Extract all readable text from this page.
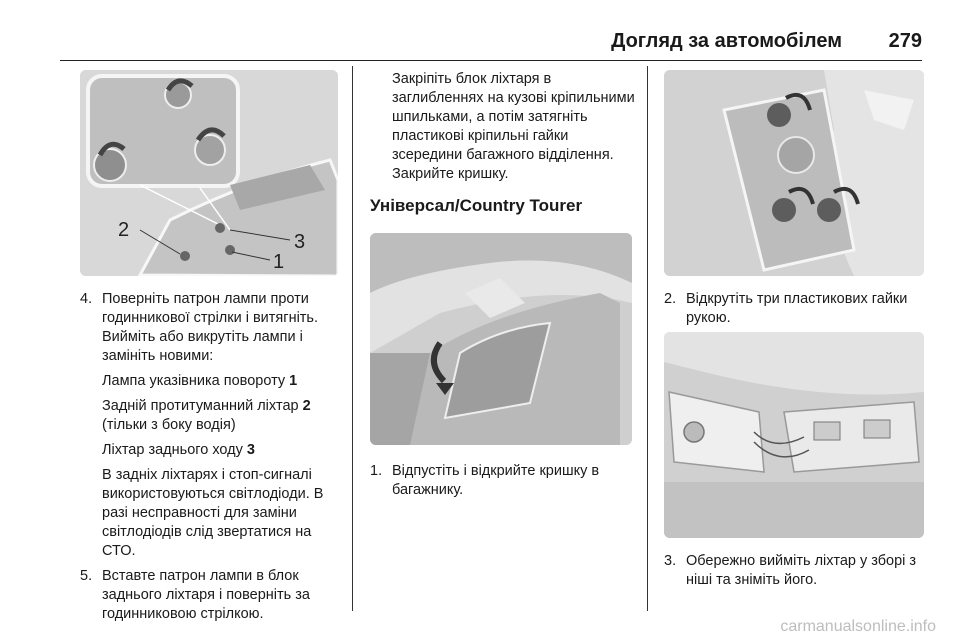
Догляд за автомобілем 279
2
3
1

4. Поверніть патрон лампи проти годинникової стрілки і витягніть. Вийміть або викрутіть лампи і замініть новими:

Лампа указівника повороту 1

Задній протитуманний ліхтар 2 (тільки з боку водія)

Ліхтар заднього ходу 3

В задніх ліхтарях і стоп-сигналі використовуються світлодіоди. В разі несправності для заміни світлодіодів слід звертатися на СТО.

5. Вставте патрон лампи в блок заднього ліхтаря і поверніть за годинниковою стрілкою.

Закріпіть блок ліхтаря в заглибленнях на кузові кріпильними шпильками, а потім затягніть пластикові кріпильні гайки зсередини багажного відділення. Закрийте кришку.

Універсал/Country Tourer

1. Відпустіть і відкрийте кришку в багажнику.

2. Відкрутіть три пластикових гайки рукою.

3. Обережно вийміть ліхтар у зборі з ніші та зніміть його.

carmanualsonline.info
